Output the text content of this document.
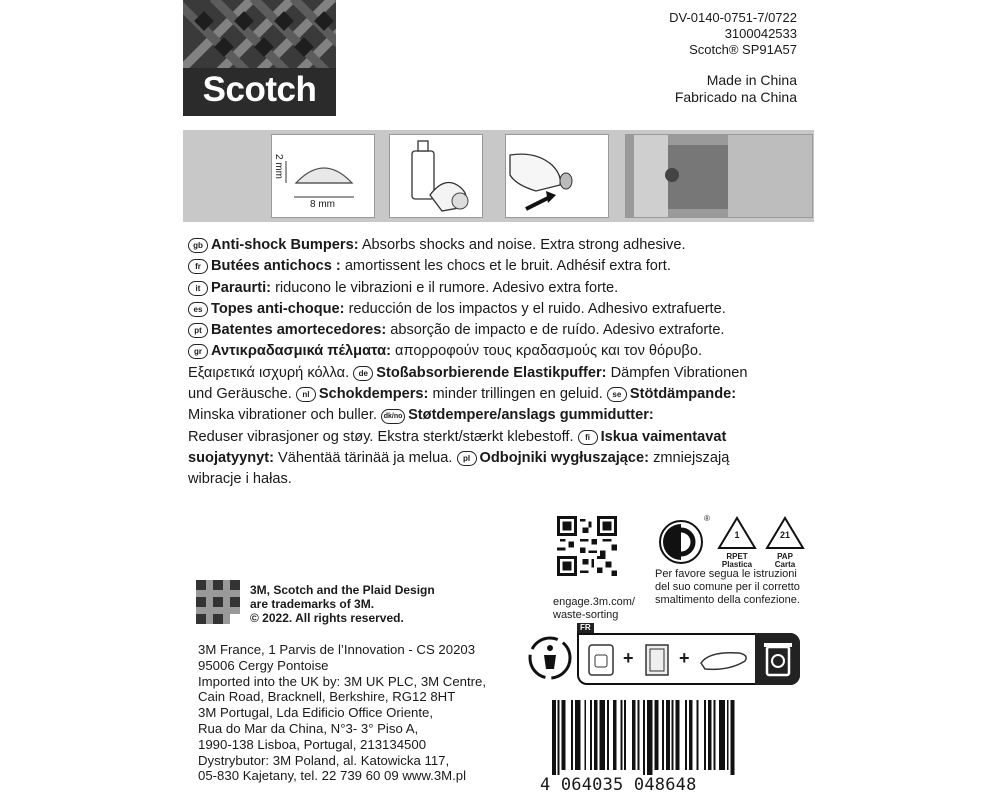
Scotch
DV-0140-0751-7/0722
3100042533
Scotch® SP91A57
Made in China
Fabricado na China
2 mm
8 mm
gb Anti-shock Bumpers: Absorbs shocks and noise. Extra strong adhesive.
fr Butées antichocs : amortissent les chocs et le bruit. Adhésif extra fort.
it Paraurti: riducono le vibrazioni e il rumore. Adesivo extra forte.
es Topes anti-choque: reducción de los impactos y el ruido. Adhesivo extrafuerte.
pt Batentes amortecedores: absorção de impacto e de ruído. Adesivo extraforte.
gr Αντικραδασμικά πέλματα: απορροφούν τους κραδασμούς και τον θόρυβο.
Εξαιρετικά ισχυρή κόλλα. de Stoßabsorbierende Elastikpuffer: Dämpfen Vibrationen
und Geräusche. nl Schokdempers: minder trillingen en geluid. se Stötdämpande:
Minska vibrationer och buller. dk/no Støtdempere/anslags gummidutter:
Reduser vibrasjoner og støy. Ekstra sterkt/stærkt klebestoff. fi Iskua vaimentavat
suojatyynyt: Vähentää tärinää ja melua. pl Odbojniki wygłuszające: zmniejszają
wibracje i hałas.
3M, Scotch and the Plaid Design
are trademarks of 3M.
© 2022. All rights reserved.
3M France, 1 Parvis de l’Innovation - CS 20203
95006 Cergy Pontoise
Imported into the UK by: 3M UK PLC, 3M Centre,
Cain Road, Bracknell, Berkshire, RG12 8HT
3M Portugal, Lda Edificio Office Oriente,
Rua do Mar da China, N°3- 3° Piso A,
1990-138 Lisboa, Portugal, 213134500
Dystrybutor: 3M Poland, al. Katowicka 117,
05-830 Kajetany, tel. 22 739 60 09 www.3M.pl
engage.3m.com/
waste-sorting
®
1
RPET
Plastica
21
PAP
Carta
Per favore segua le istruzioni
del suo comune per il corretto
smaltimento della confezione.
FR
+	+
4 064035 048648
